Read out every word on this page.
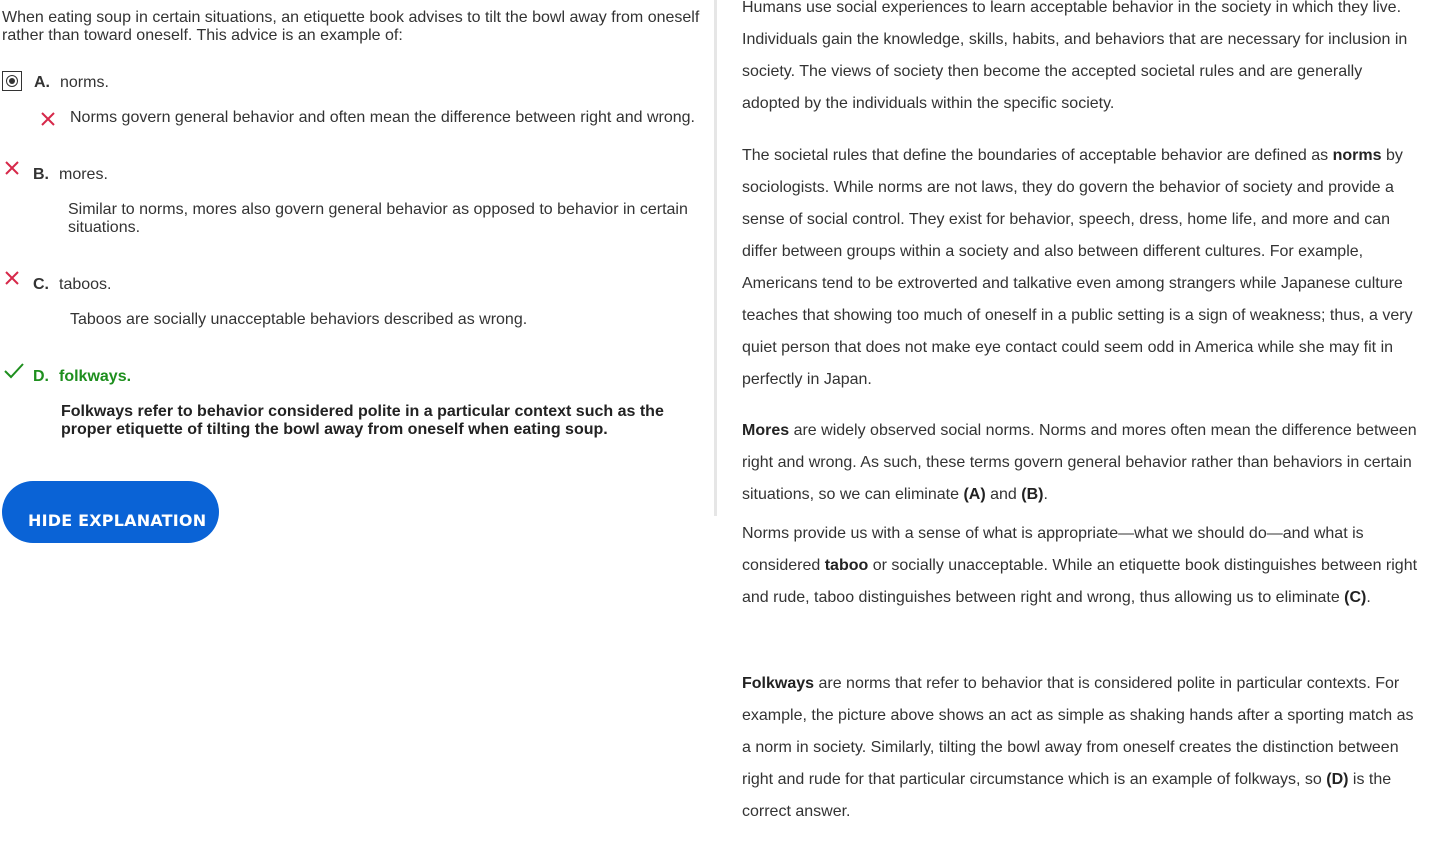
When eating soup in certain situations, an etiquette book advises to tilt the bowl away from oneself rather than toward oneself. This advice is an example of:
A. norms.
Norms govern general behavior and often mean the difference between right and wrong.
B. mores.
Similar to norms, mores also govern general behavior as opposed to behavior in certain situations.
C. taboos.
Taboos are socially unacceptable behaviors described as wrong.
D. folkways.
Folkways refer to behavior considered polite in a particular context such as the proper etiquette of tilting the bowl away from oneself when eating soup.
HIDE EXPLANATION

Humans use social experiences to learn acceptable behavior in the society in which they live. Individuals gain the knowledge, skills, habits, and behaviors that are necessary for inclusion in society. The views of society then become the accepted societal rules and are generally adopted by the individuals within the specific society.

The societal rules that define the boundaries of acceptable behavior are defined as norms by sociologists. While norms are not laws, they do govern the behavior of society and provide a sense of social control. They exist for behavior, speech, dress, home life, and more and can differ between groups within a society and also between different cultures. For example, Americans tend to be extroverted and talkative even among strangers while Japanese culture teaches that showing too much of oneself in a public setting is a sign of weakness; thus, a very quiet person that does not make eye contact could seem odd in America while she may fit in perfectly in Japan.

Mores are widely observed social norms. Norms and mores often mean the difference between right and wrong. As such, these terms govern general behavior rather than behaviors in certain situations, so we can eliminate (A) and (B).

Norms provide us with a sense of what is appropriate—what we should do—and what is considered taboo or socially unacceptable. While an etiquette book distinguishes between right and rude, taboo distinguishes between right and wrong, thus allowing us to eliminate (C).

Folkways are norms that refer to behavior that is considered polite in particular contexts. For example, the picture above shows an act as simple as shaking hands after a sporting match as a norm in society. Similarly, tilting the bowl away from oneself creates the distinction between right and rude for that particular circumstance which is an example of folkways, so (D) is the correct answer.
